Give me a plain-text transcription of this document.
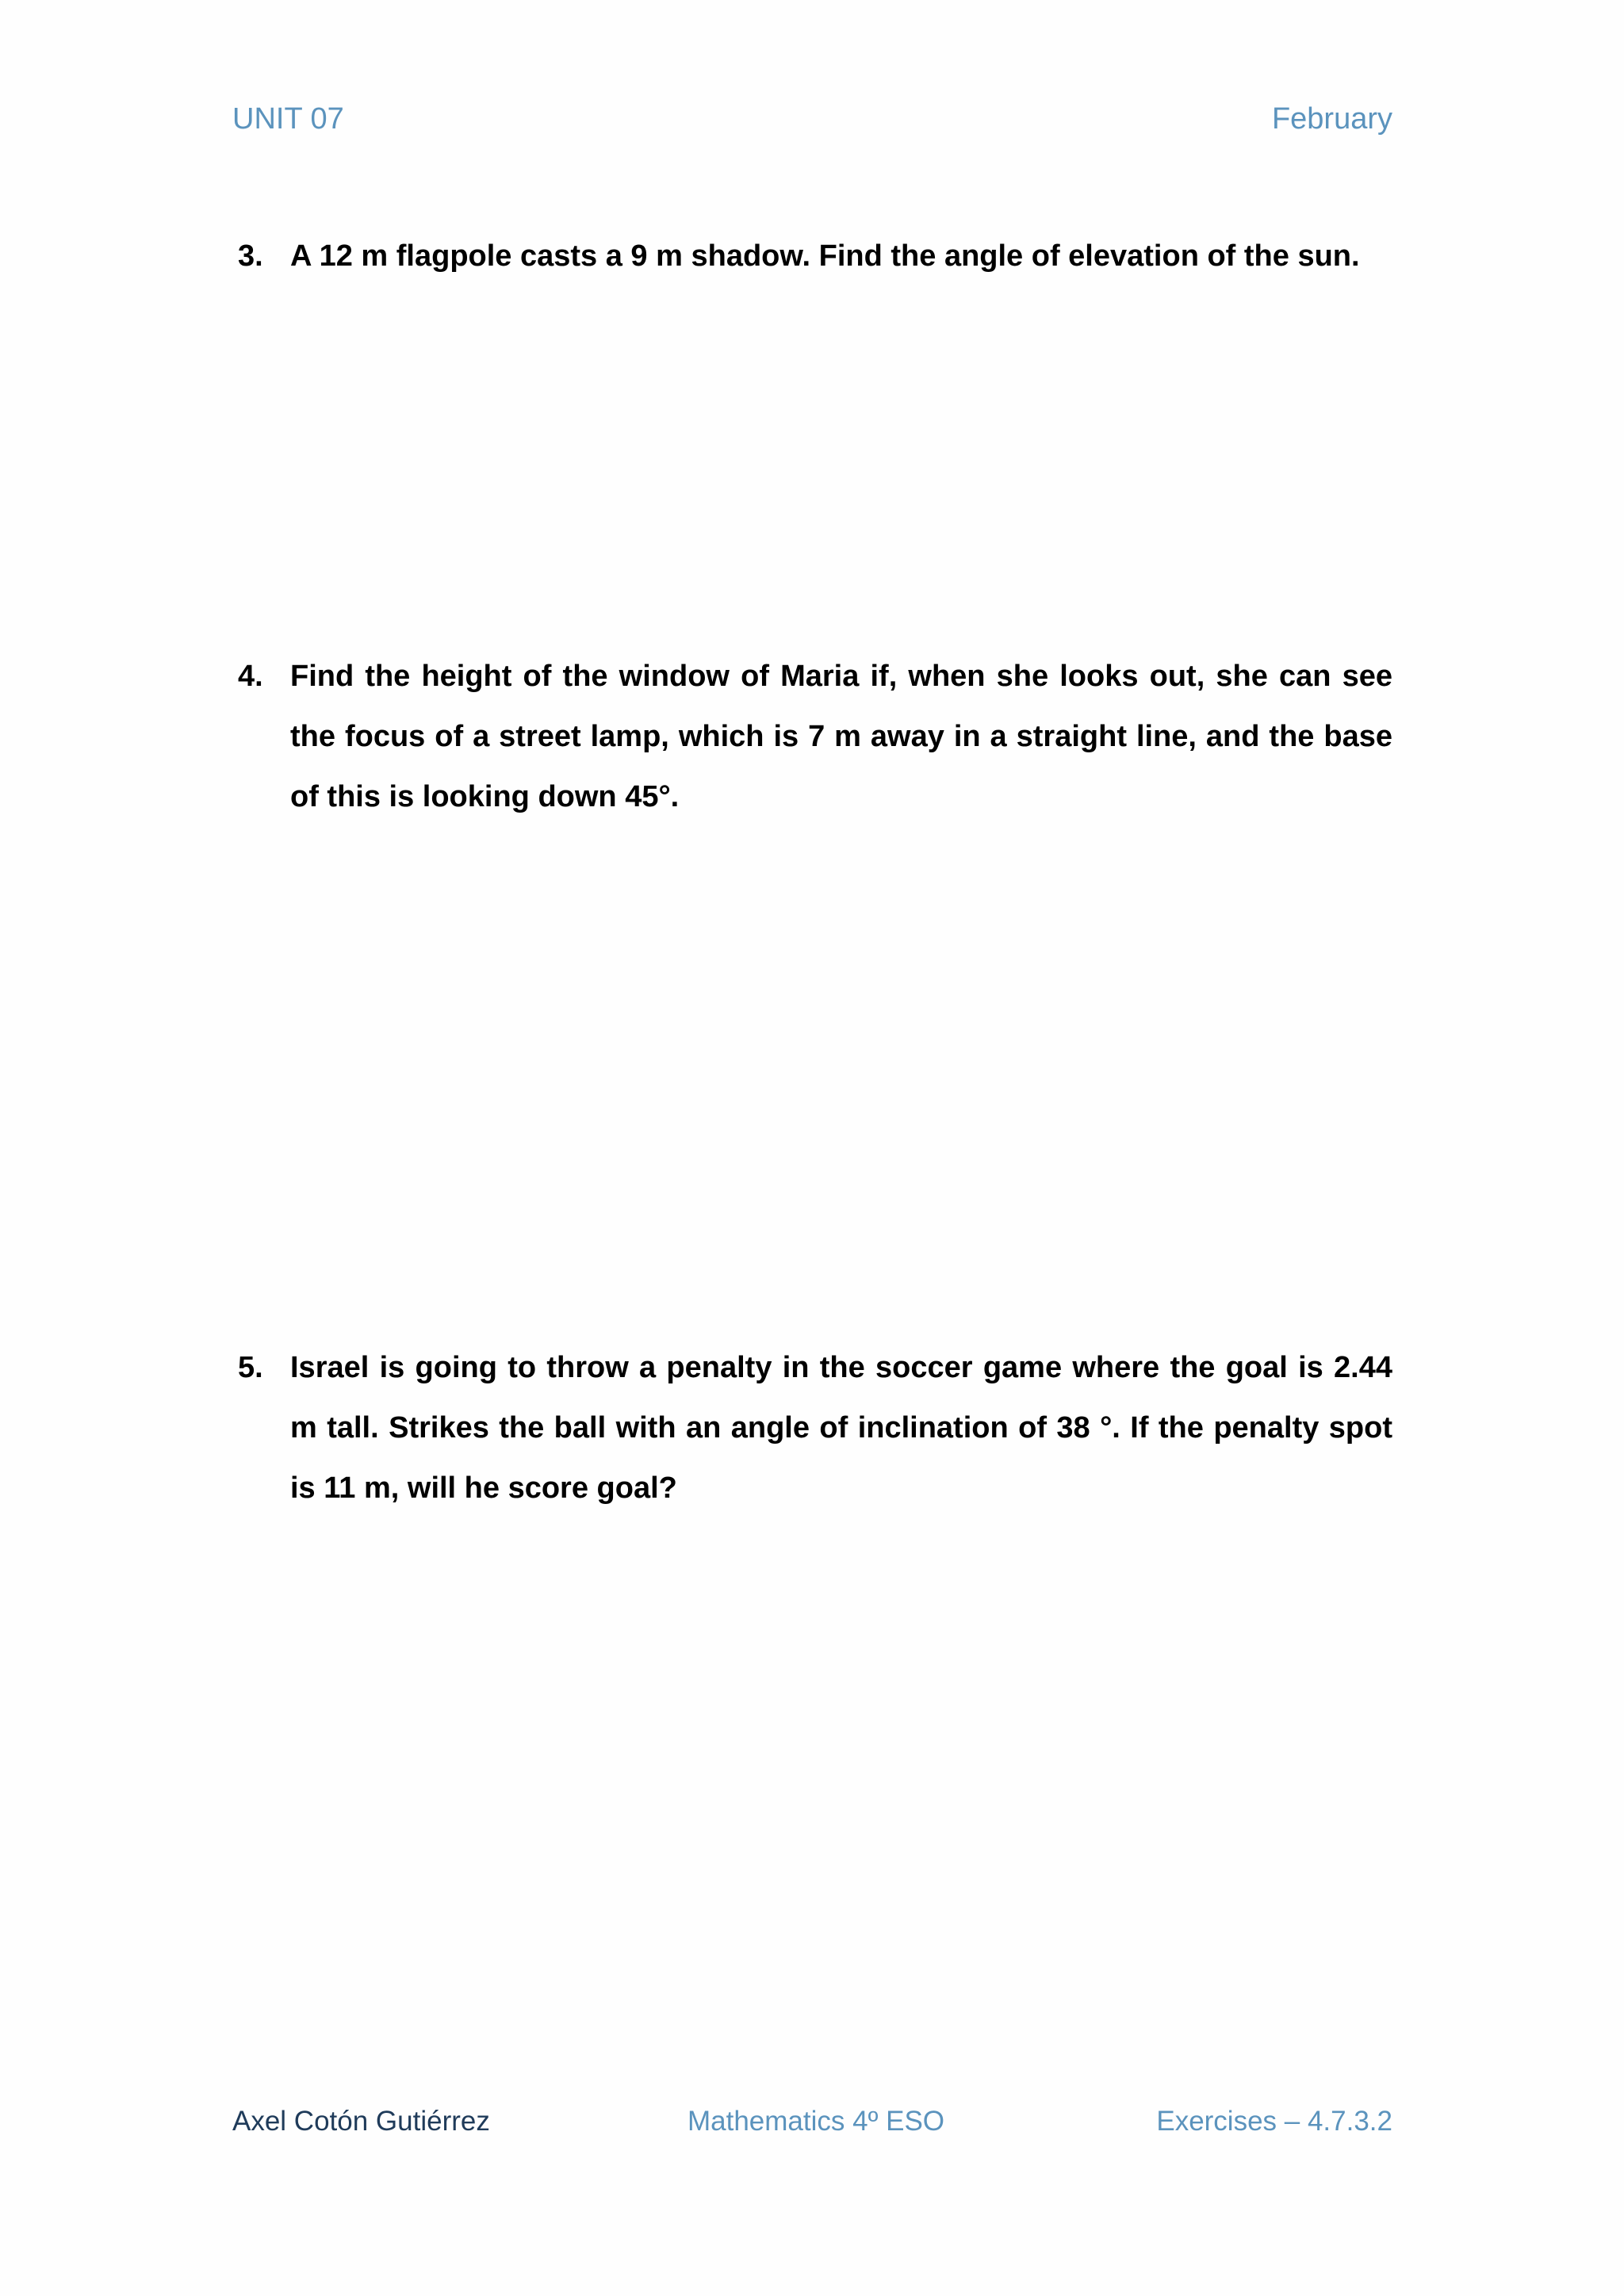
UNIT 07	February
3. A 12 m flagpole casts a 9 m shadow. Find the angle of elevation of the sun.
4. Find the height of the window of Maria if, when she looks out, she can see the focus of a street lamp, which is 7 m away in a straight line, and the base of this is looking down 45°.
5. Israel is going to throw a penalty in the soccer game where the goal is 2.44 m tall. Strikes the ball with an angle of inclination of 38 °. If the penalty spot is 11 m, will he score goal?
Axel Cotón Gutiérrez	Mathematics 4º ESO	Exercises – 4.7.3.2
